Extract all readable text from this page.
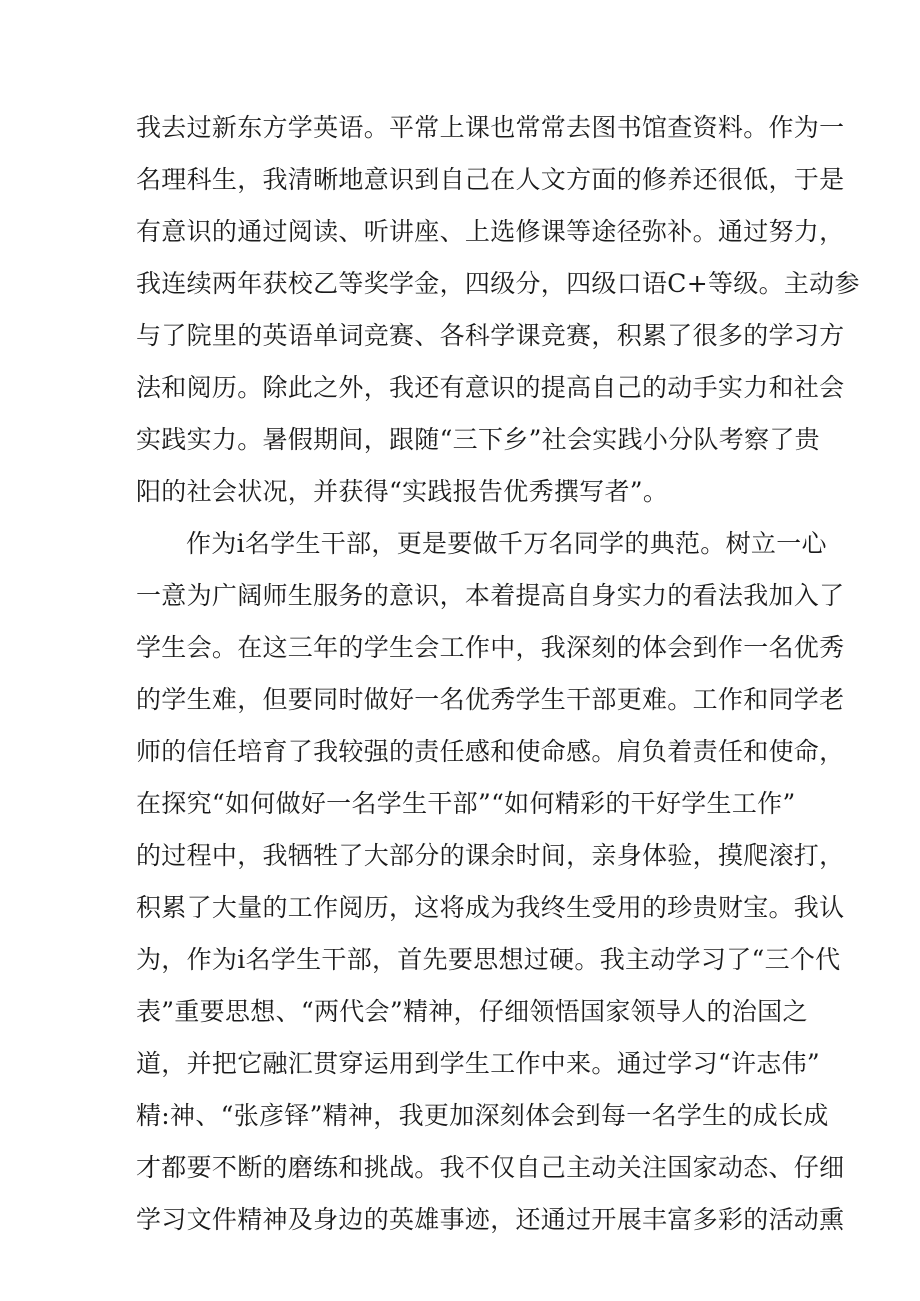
我去过新东方学英语。平常上课也常常去图书馆查资料。作为一
名理科生，我清晰地意识到自己在人文方面的修养还很低，于是
有意识的通过阅读、听讲座、上选修课等途径弥补。通过努力，
我连续两年获校乙等奖学金，四级分，四级口语C+等级。主动参
与了院里的英语单词竞赛、各科学课竞赛，积累了很多的学习方
法和阅历。除此之外，我还有意识的提高自己的动手实力和社会
实践实力。暑假期间，跟随“三下乡”社会实践小分队考察了贵
阳的社会状况，并获得“实践报告优秀撰写者”。
作为i名学生干部，更是要做千万名同学的典范。树立一心
一意为广阔师生服务的意识，本着提高自身实力的看法我加入了
学生会。在这三年的学生会工作中，我深刻的体会到作一名优秀
的学生难，但要同时做好一名优秀学生干部更难。工作和同学老
师的信任培育了我较强的责任感和使命感。肩负着责任和使命，
在探究“如何做好一名学生干部”“如何精彩的干好学生工作”
的过程中，我牺牲了大部分的课余时间，亲身体验，摸爬滚打，
积累了大量的工作阅历，这将成为我终生受用的珍贵财宝。我认
为，作为i名学生干部，首先要思想过硬。我主动学习了“三个代
表”重要思想、“两代会”精神，仔细领悟国家领导人的治国之
道，并把它融汇贯穿运用到学生工作中来。通过学习“许志伟”
精:神、“张彦铎”精神，我更加深刻体会到每一名学生的成长成
才都要不断的磨练和挑战。我不仅自己主动关注国家动态、仔细
学习文件精神及身边的英雄事迹，还通过开展丰富多彩的活动熏
